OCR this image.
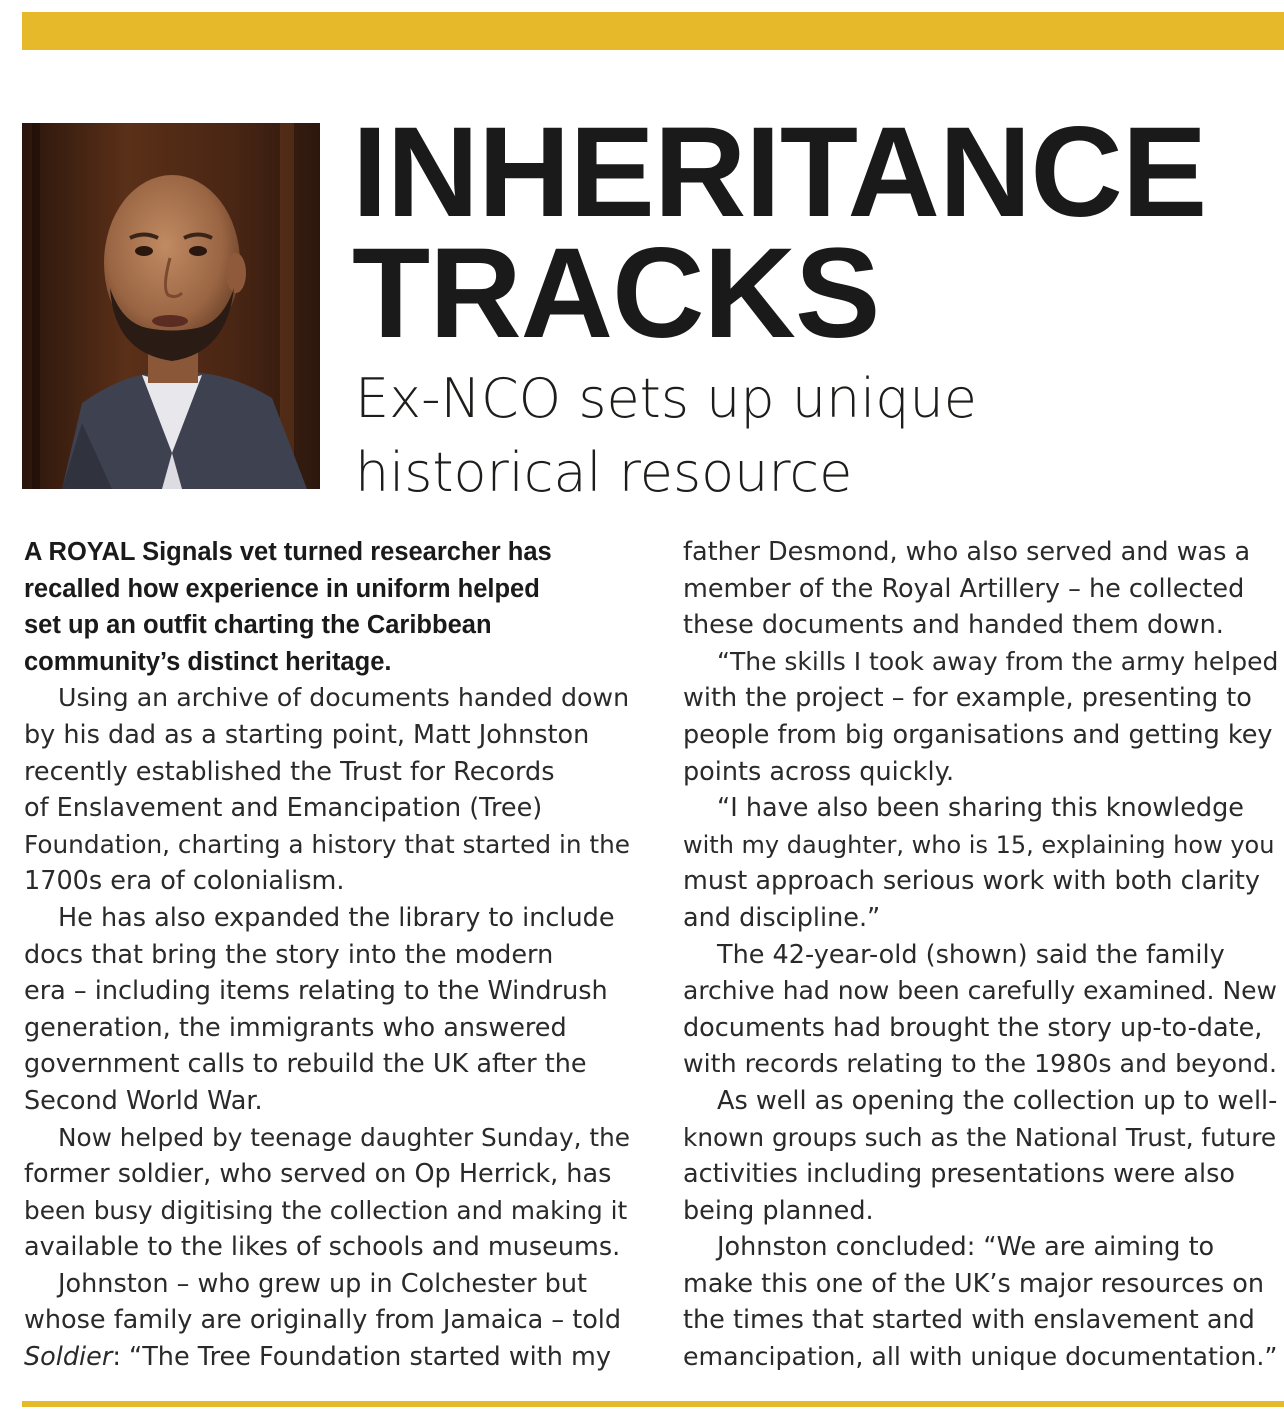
INHERITANCE
TRACKS
Ex-NCO sets up unique
historical resource

A ROYAL Signals vet turned researcher has
recalled how experience in uniform helped
set up an outfit charting the Caribbean
community’s distinct heritage.

Using an archive of documents handed down
by his dad as a starting point, Matt Johnston
recently established the Trust for Records
of Enslavement and Emancipation (Tree)
Foundation, charting a history that started in the
1700s era of colonialism.

He has also expanded the library to include
docs that bring the story into the modern
era – including items relating to the Windrush
generation, the immigrants who answered
government calls to rebuild the UK after the
Second World War.

Now helped by teenage daughter Sunday, the
former soldier, who served on Op Herrick, has
been busy digitising the collection and making it
available to the likes of schools and museums.

Johnston – who grew up in Colchester but
whose family are originally from Jamaica – told
Soldier: “The Tree Foundation started with my

father Desmond, who also served and was a
member of the Royal Artillery – he collected
these documents and handed them down.

“The skills I took away from the army helped
with the project – for example, presenting to
people from big organisations and getting key
points across quickly.

“I have also been sharing this knowledge
with my daughter, who is 15, explaining how you
must approach serious work with both clarity
and discipline.”

The 42-year-old (shown) said the family
archive had now been carefully examined. New
documents had brought the story up-to-date,
with records relating to the 1980s and beyond.

As well as opening the collection up to well-
known groups such as the National Trust, future
activities including presentations were also
being planned.

Johnston concluded: “We are aiming to
make this one of the UK’s major resources on
the times that started with enslavement and
emancipation, all with unique documentation.”
